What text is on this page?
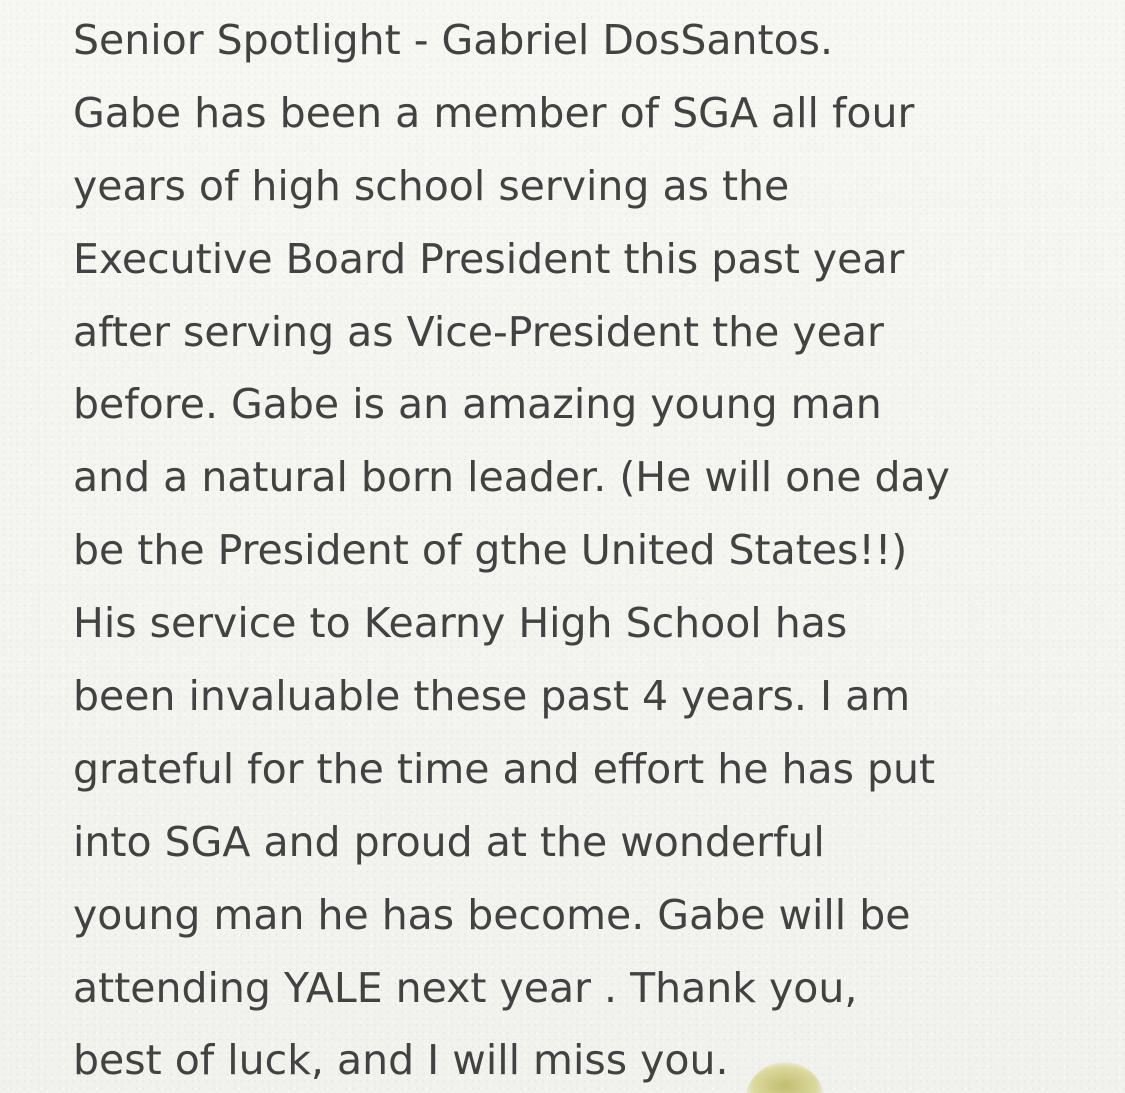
Senior Spotlight - Gabriel DosSantos.
Gabe has been a member of SGA all four
years of high school serving as the
Executive Board President this past year
after serving as Vice-President the year
before. Gabe is an amazing young man
and a natural born leader. (He will one day
be the President of gthe United States!!)
His service to Kearny High School has
been invaluable these past 4 years. I am
grateful for the time and effort he has put
into SGA and proud at the wonderful
young man he has become. Gabe will be
attending YALE next year . Thank you,
best of luck, and I will miss you.
